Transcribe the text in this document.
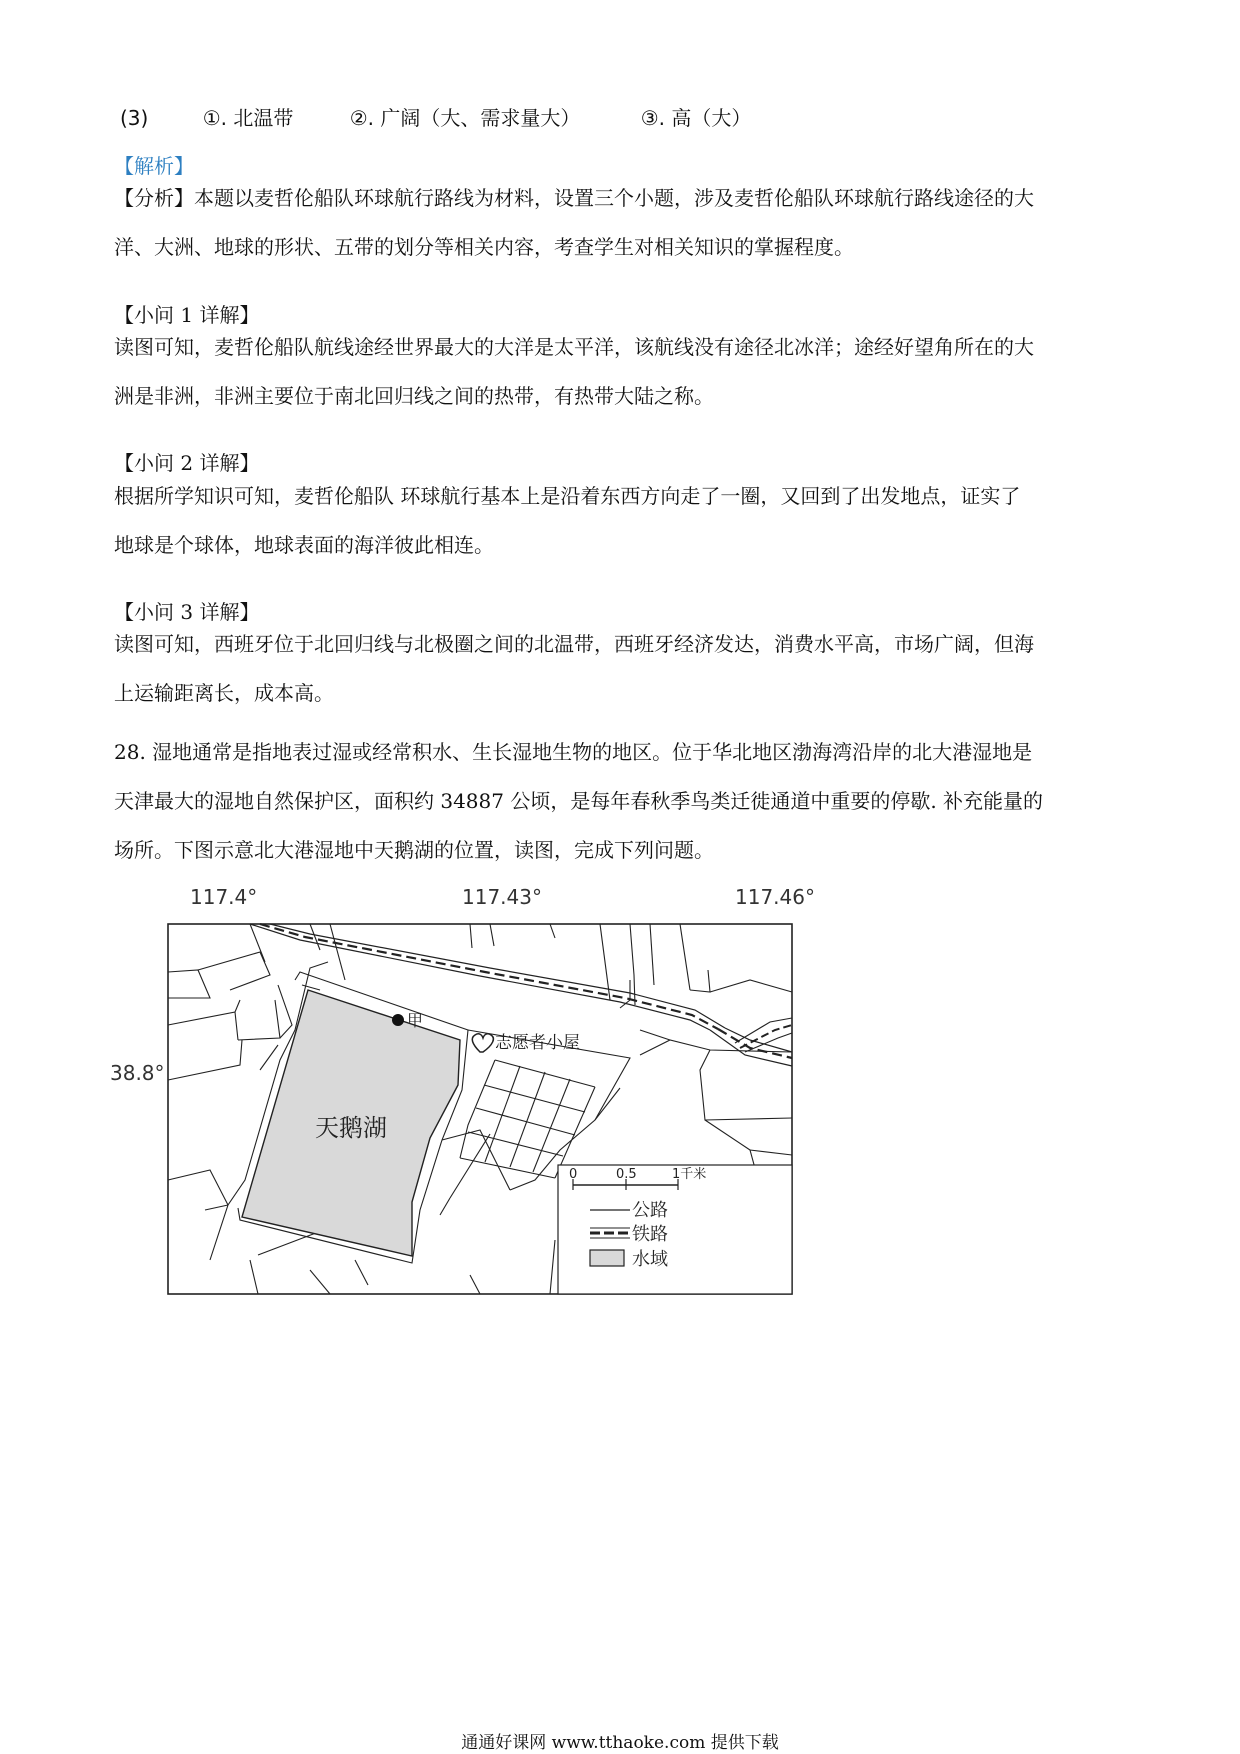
(3)	①. 北温带	②. 广阔（大、需求量大）	③. 高（大）
【解析】
【分析】本题以麦哲伦船队环球航行路线为材料，设置三个小题，涉及麦哲伦船队环球航行路线途径的大
洋、大洲、地球的形状、五带的划分等相关内容，考查学生对相关知识的掌握程度。
【小问 1 详解】
读图可知，麦哲伦船队航线途经世界最大的大洋是太平洋，该航线没有途径北冰洋；途经好望角所在的大
洲是非洲，非洲主要位于南北回归线之间的热带，有热带大陆之称。
【小问 2 详解】
根据所学知识可知，麦哲伦船队 环球航行基本上是沿着东西方向走了一圈，又回到了出发地点，证实了
地球是个球体，地球表面的海洋彼此相连。
【小问 3 详解】
读图可知，西班牙位于北回归线与北极圈之间的北温带，西班牙经济发达，消费水平高，市场广阔，但海
上运输距离长，成本高。
28. 湿地通常是指地表过湿或经常积水、生长湿地生物的地区。位于华北地区渤海湾沿岸的北大港湿地是
天津最大的湿地自然保护区，面积约 34887 公顷，是每年春秋季鸟类迁徙通道中重要的停歇. 补充能量的
场所。下图示意北大港湿地中天鹅湖的位置，读图，完成下列问题。
117.4°	117.43°	117.46°
38.8°
天鹅湖
甲
志愿者小屋
0	0.5	1千米
公路
铁路
水域
通通好课网 www.tthaoke.com 提供下载
